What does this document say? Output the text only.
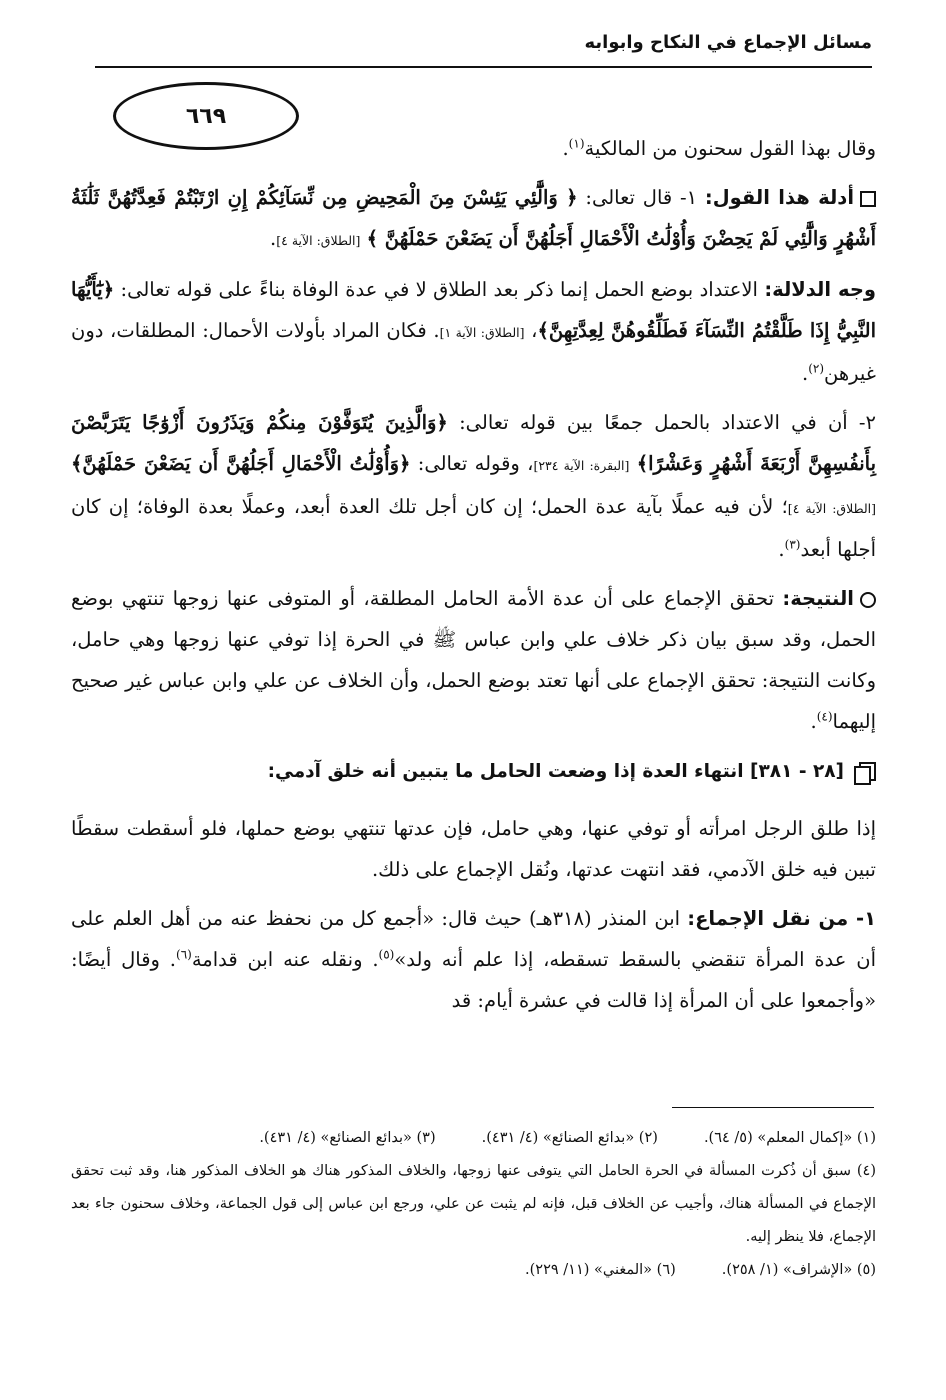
مسائل الإجماع في النكاح وابوابه
٦٦٩

وقال بهذا القول سحنون من المالكية$^{(١)}$.

أدلة هذا القول: ١- قال تعالى: ﴿ وَالَّٰٓئِي يَئِسْنَ مِنَ الْمَحِيضِ مِن نِّسَآئِكُمْ إِنِ ارْتَبْتُمْ فَعِدَّتُهُنَّ ثَلَٰثَةُ أَشْهُرٍ وَالَّٰٓئِي لَمْ يَحِضْنَ وَأُوْلَٰتُ الْأَحْمَالِ أَجَلُهُنَّ أَن يَضَعْنَ حَمْلَهُنَّ ﴾ [الطلاق: الآية ٤].

وجه الدلالة: الاعتداد بوضع الحمل إنما ذكر بعد الطلاق لا في عدة الوفاة بناءً على قوله تعالى: ﴿يَٰٓأَيُّهَا النَّبِيُّ إِذَا طَلَّقْتُمُ النِّسَآءَ فَطَلِّقُوهُنَّ لِعِدَّتِهِنَّ﴾، [الطلاق: الآية ١]. فكان المراد بأولات الأحمال: المطلقات، دون غيرهن$^{(٢)}$.

٢- أن في الاعتداد بالحمل جمعًا بين قوله تعالى: ﴿وَالَّذِينَ يُتَوَفَّوْنَ مِنكُمْ وَيَذَرُونَ أَزْوَٰجًا يَتَرَبَّصْنَ بِأَنفُسِهِنَّ أَرْبَعَةَ أَشْهُرٍ وَعَشْرًا﴾ [البقرة: الآية ٢٣٤]، وقوله تعالى: ﴿وَأُوْلَٰتُ الْأَحْمَالِ أَجَلُهُنَّ أَن يَضَعْنَ حَمْلَهُنَّ﴾ [الطلاق: الآية ٤]؛ لأن فيه عملًا بآية عدة الحمل؛ إن كان أجل تلك العدة أبعد، وعملًا بعدة الوفاة؛ إن كان أجلها أبعد$^{(٣)}$.

النتيجة: تحقق الإجماع على أن عدة الأمة الحامل المطلقة، أو المتوفى عنها زوجها تنتهي بوضع الحمل، وقد سبق بيان ذكر خلاف علي وابن عباس ﷺ في الحرة إذا توفي عنها زوجها وهي حامل، وكانت النتيجة: تحقق الإجماع على أنها تعتد بوضع الحمل، وأن الخلاف عن علي وابن عباس غير صحيح إليهما$^{(٤)}$.

[٢٨ - ٣٨١] انتهاء العدة إذا وضعت الحامل ما يتبين أنه خلق آدمي:

إذا طلق الرجل امرأته أو توفي عنها، وهي حامل، فإن عدتها تنتهي بوضع حملها، فلو أسقطت سقطًا تبين فيه خلق الآدمي، فقد انتهت عدتها، ونُقل الإجماع على ذلك.

١- من نقل الإجماع: ابن المنذر (٣١٨هـ) حيث قال: «أجمع كل من نحفظ عنه من أهل العلم على أن عدة المرأة تنقضي بالسقط تسقطه، إذا علم أنه ولد»$^{(٥)}$. ونقله عنه ابن قدامة$^{(٦)}$. وقال أيضًا: «وأجمعوا على أن المرأة إذا قالت في عشرة أيام: قد

(١) «إكمال المعلم» (٥/ ٦٤).
(٢) «بدائع الصنائع» (٤/ ٤٣١).
(٣) «بدائع الصنائع» (٤/ ٤٣١).
(٤) سبق أن ذُكرت المسألة في الحرة الحامل التي يتوفى عنها زوجها، والخلاف المذكور هناك هو الخلاف المذكور هنا، وقد ثبت تحقق الإجماع في المسألة هناك، وأجيب عن الخلاف قبل، فإنه لم يثبت عن علي، ورجع ابن عباس إلى قول الجماعة، وخلاف سحنون جاء بعد الإجماع، فلا ينظر إليه.
(٥) «الإشراف» (١/ ٢٥٨).
(٦) «المغني» (١١/ ٢٢٩).
